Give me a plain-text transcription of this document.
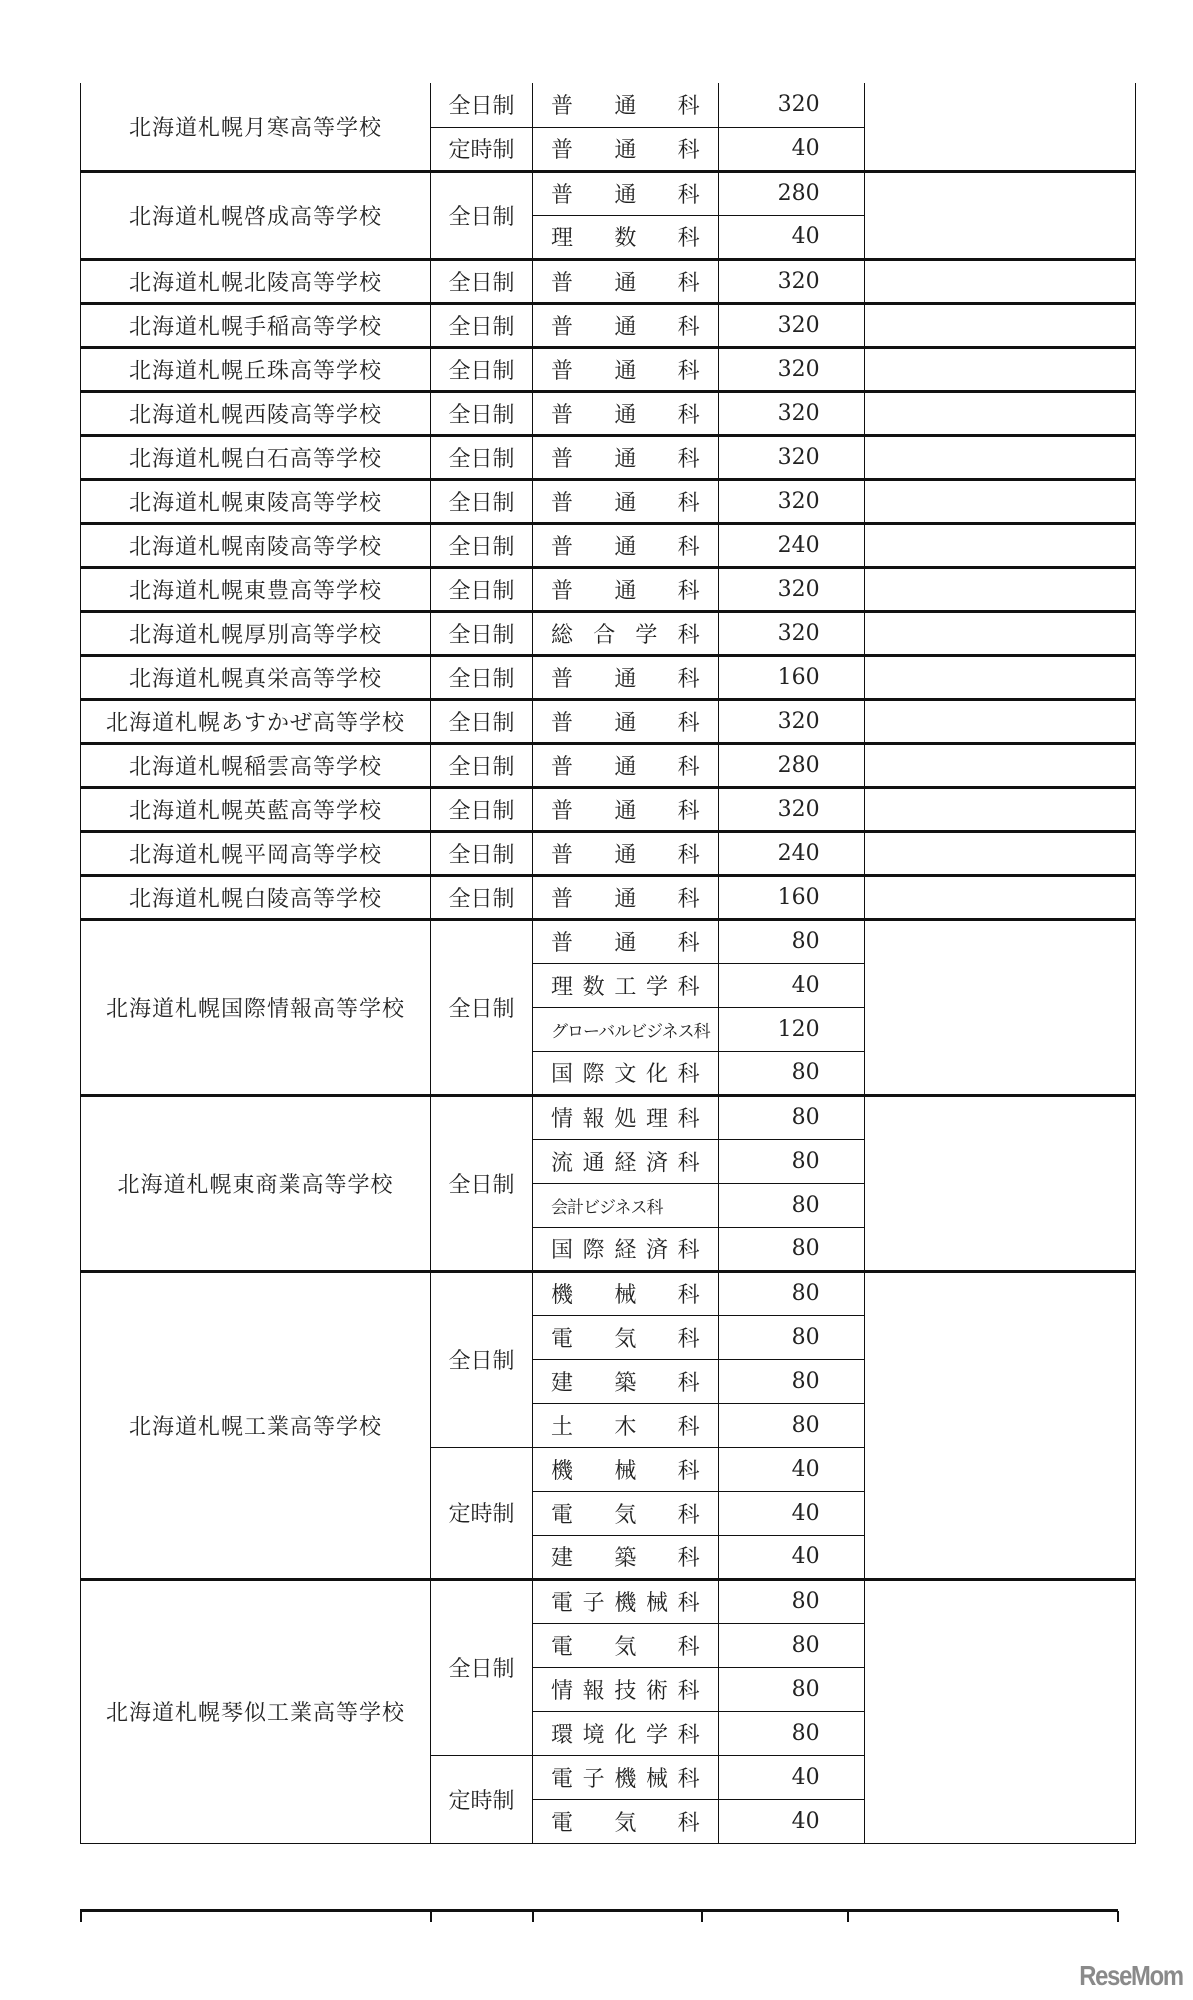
北海道札幌月寒高等学校	全日制	普通科	320	
	定時制	普通科	40	
北海道札幌啓成高等学校	全日制	普通科	280	

		理数科	40	
北海道札幌北陵高等学校	全日制	普通科	320	
北海道札幌手稲高等学校	全日制	普通科	320	
北海道札幌丘珠高等学校	全日制	普通科	320	
北海道札幌西陵高等学校	全日制	普通科	320	
北海道札幌白石高等学校	全日制	普通科	320	
北海道札幌東陵高等学校	全日制	普通科	320	
北海道札幌南陵高等学校	全日制	普通科	240	
北海道札幌東豊高等学校	全日制	普通科	320	
北海道札幌厚別高等学校	全日制	総合学科	320	
北海道札幌真栄高等学校	全日制	普通科	160	
北海道札幌あすかぜ高等学校	全日制	普通科	320	
北海道札幌稲雲高等学校	全日制	普通科	280	
北海道札幌英藍高等学校	全日制	普通科	320	
北海道札幌平岡高等学校	全日制	普通科	240	
北海道札幌白陵高等学校	全日制	普通科	160	
北海道札幌国際情報高等学校	全日制	普通科	80	

		理数工学科	40	

		グローバルビジネス科	120	

		国際文化科	80	
北海道札幌東商業高等学校	全日制	情報処理科	80	

		流通経済科	80	

		会計ビジネス科	80	

		国際経済科	80	
北海道札幌工業高等学校	全日制	機械科	80	

		電気科	80	

		建築科	80	

		土木科	80	
	定時制	機械科	40	

		電気科	40	

		建築科	40	
北海道札幌琴似工業高等学校	全日制	電子機械科	80	

		電気科	80	

		情報技術科	80	

		環境化学科	80	
	定時制	電子機械科	40	

		電気科	40	
ReseMom
